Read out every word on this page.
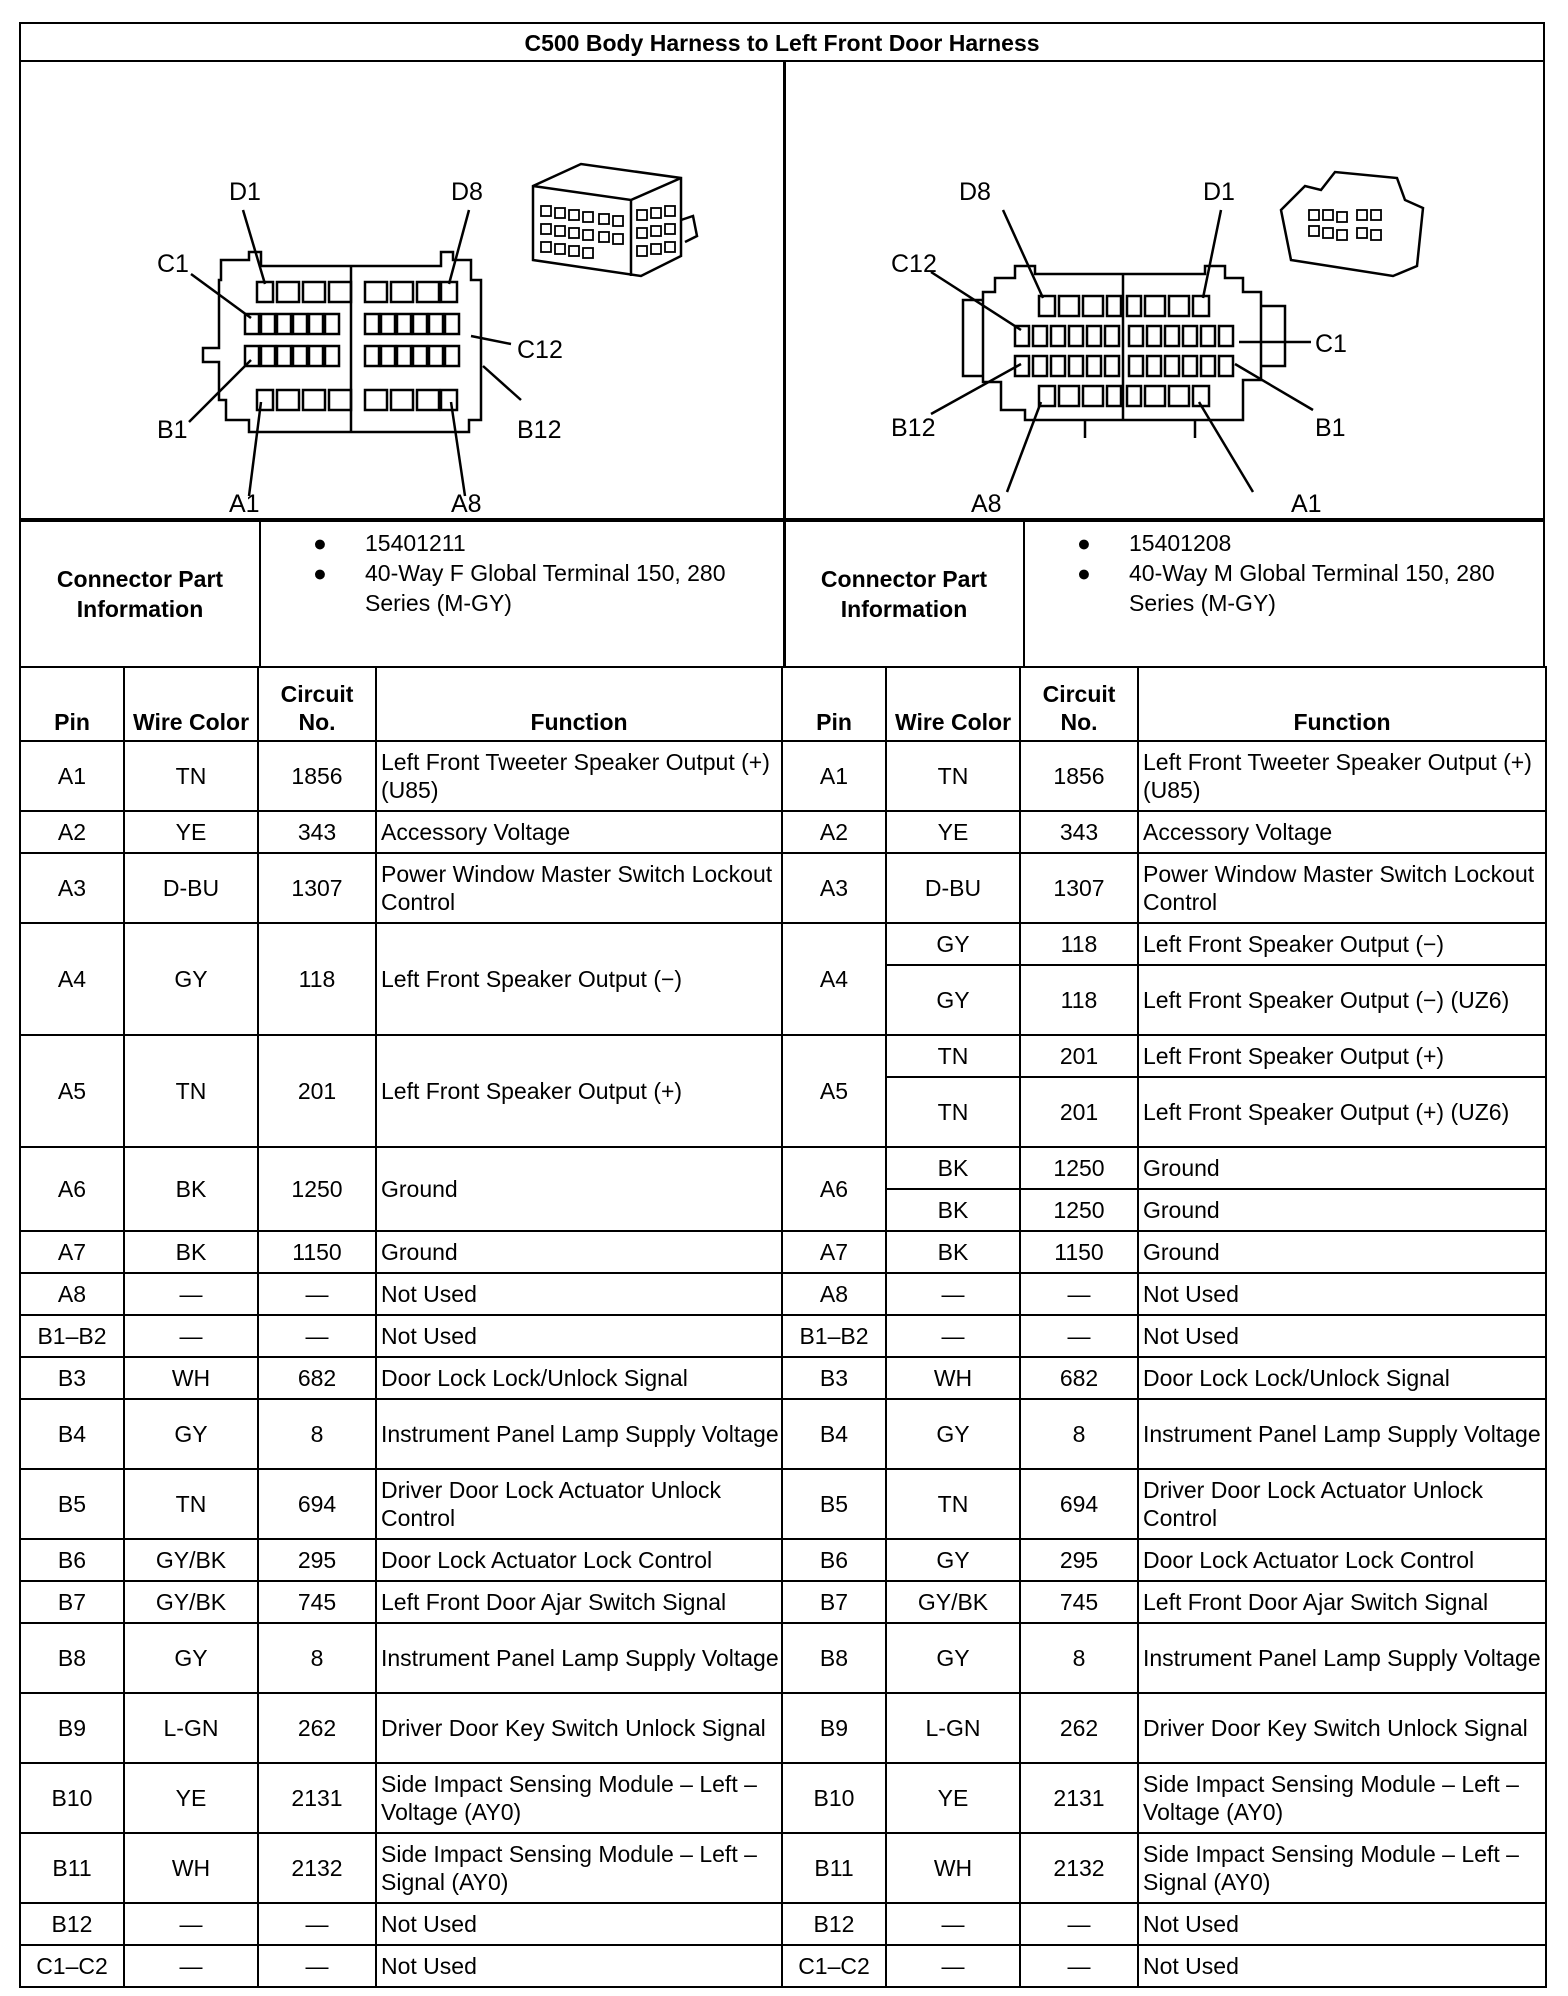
C500 Body Harness to Left Front Door Harness
D1	D8
C1
C12
B1	B12
A1	A8
D8	D1
C12
C1
B12	B1
A8	A1
Connector Part Information
● 15401211
● 40-Way F Global Terminal 150, 280 Series (M-GY)
Connector Part Information
● 15401208
● 40-Way M Global Terminal 150, 280 Series (M-GY)
Pin	Wire Color	Circuit No.	Function
A1	TN	1856	Left Front Tweeter Speaker Output (+) (U85)
A2	YE	343	Accessory Voltage
A3	D-BU	1307	Power Window Master Switch Lockout Control
A4	GY	118	Left Front Speaker Output (−)
A5	TN	201	Left Front Speaker Output (+)
A6	BK	1250	Ground
A7	BK	1150	Ground
A8	—	—	Not Used
B1–B2	—	—	Not Used
B3	WH	682	Door Lock Lock/Unlock Signal
B4	GY	8	Instrument Panel Lamp Supply Voltage
B5	TN	694	Driver Door Lock Actuator Unlock Control
B6	GY/BK	295	Door Lock Actuator Lock Control
B7	GY/BK	745	Left Front Door Ajar Switch Signal
B8	GY	8	Instrument Panel Lamp Supply Voltage
B9	L-GN	262	Driver Door Key Switch Unlock Signal
B10	YE	2131	Side Impact Sensing Module – Left – Voltage (AY0)
B11	WH	2132	Side Impact Sensing Module – Left – Signal (AY0)
B12	—	—	Not Used
C1–C2	—	—	Not Used
Pin	Wire Color	Circuit No.	Function
A1	TN	1856	Left Front Tweeter Speaker Output (+) (U85)
A2	YE	343	Accessory Voltage
A3	D-BU	1307	Power Window Master Switch Lockout Control
A4	GY	118	Left Front Speaker Output (−)
	GY	118	Left Front Speaker Output (−) (UZ6)
A5	TN	201	Left Front Speaker Output (+)
	TN	201	Left Front Speaker Output (+) (UZ6)
A6	BK	1250	Ground
	BK	1250	Ground
A7	BK	1150	Ground
A8	—	—	Not Used
B1–B2	—	—	Not Used
B3	WH	682	Door Lock Lock/Unlock Signal
B4	GY	8	Instrument Panel Lamp Supply Voltage
B5	TN	694	Driver Door Lock Actuator Unlock Control
B6	GY	295	Door Lock Actuator Lock Control
B7	GY/BK	745	Left Front Door Ajar Switch Signal
B8	GY	8	Instrument Panel Lamp Supply Voltage
B9	L-GN	262	Driver Door Key Switch Unlock Signal
B10	YE	2131	Side Impact Sensing Module – Left – Voltage (AY0)
B11	WH	2132	Side Impact Sensing Module – Left – Signal (AY0)
B12	—	—	Not Used
C1–C2	—	—	Not Used
